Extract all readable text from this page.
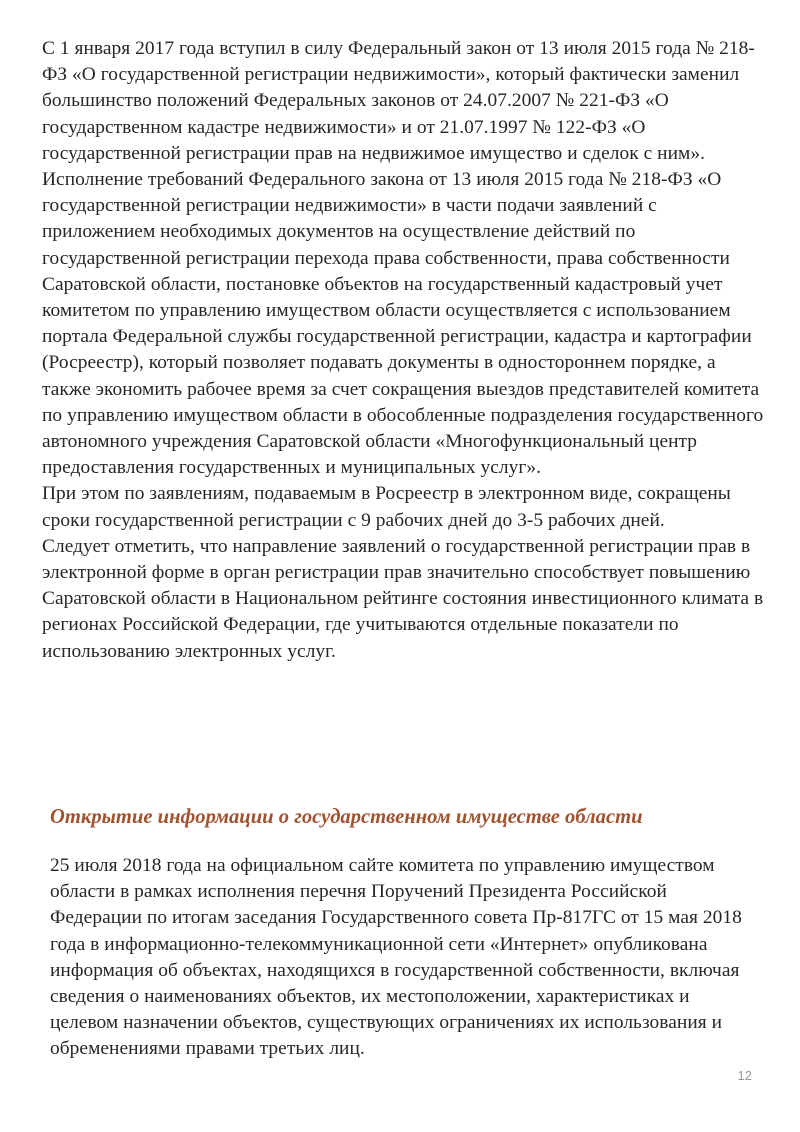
С 1 января 2017 года вступил в силу Федеральный закон от 13 июля 2015 года № 218-ФЗ «О государственной регистрации недвижимости», который фактически заменил большинство положений Федеральных законов от 24.07.2007 № 221-ФЗ «О государственном кадастре недвижимости» и от 21.07.1997 № 122-ФЗ «О государственной регистрации прав на недвижимое имущество и сделок с ним».

Исполнение требований Федерального закона от 13 июля 2015 года № 218-ФЗ «О государственной регистрации недвижимости» в части подачи заявлений с приложением необходимых документов на осуществление действий по государственной регистрации перехода права собственности, права собственности Саратовской области, постановке объектов на государственный кадастровый учет комитетом по управлению имуществом области осуществляется с использованием портала Федеральной службы государственной регистрации, кадастра и картографии (Росреестр), который позволяет подавать документы в одностороннем порядке, а также экономить рабочее время за счет сокращения выездов представителей комитета по управлению имуществом области в обособленные подразделения государственного автономного учреждения Саратовской области «Многофункциональный центр предоставления государственных и муниципальных услуг».

При этом по заявлениям, подаваемым в Росреестр в электронном виде, сокращены сроки государственной регистрации с 9 рабочих дней до 3-5 рабочих дней.

Следует отметить, что направление заявлений о государственной регистрации прав в электронной форме в орган регистрации прав значительно способствует повышению Саратовской области в Национальном рейтинге состояния инвестиционного климата в регионах Российской Федерации, где учитываются отдельные показатели по использованию электронных услуг.

Открытие информации о государственном имуществе области

25 июля 2018 года на официальном сайте комитета по управлению имуществом области в рамках исполнения перечня Поручений Президента Российской Федерации по итогам заседания Государственного совета Пр-817ГС от 15 мая 2018 года в информационно-телекоммуникационной сети «Интернет» опубликована информация об объектах, находящихся в государственной собственности, включая сведения о наименованиях объектов, их местоположении, характеристиках и целевом назначении объектов, существующих ограничениях их использования и обременениями правами третьих лиц.

12
